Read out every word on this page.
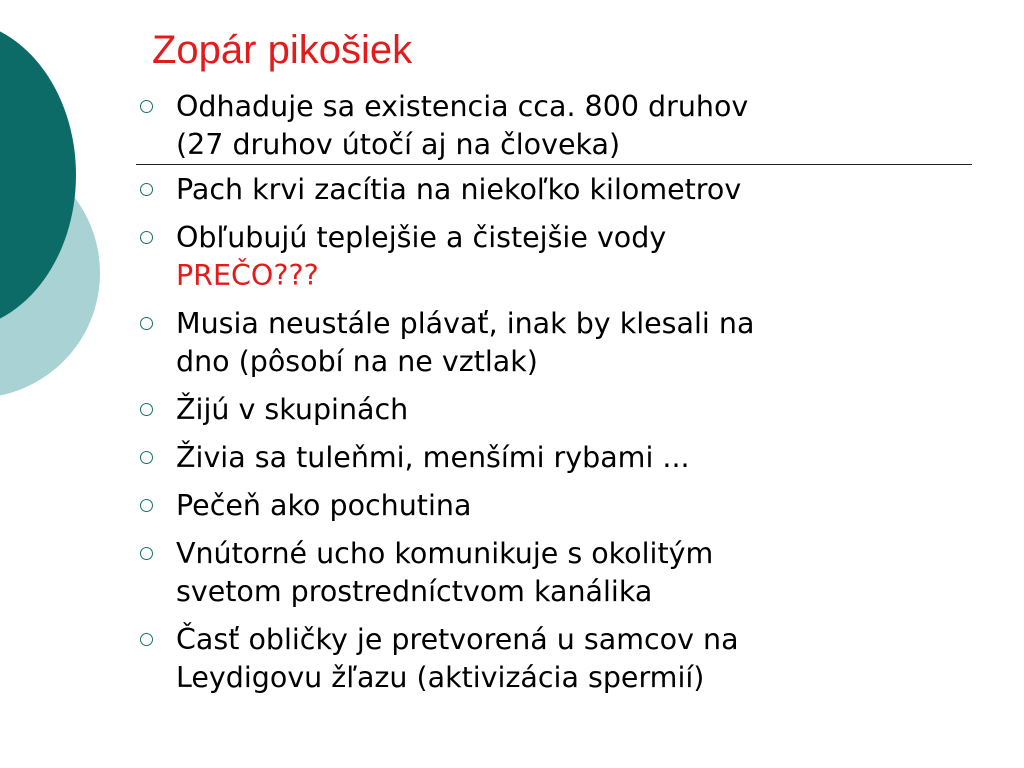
Zopár pikošiek
Odhaduje sa existencia cca. 800 druhov
(27 druhov útočí aj na človeka)
Pach krvi zacítia na niekoľko kilometrov
Obľubujú teplejšie a čistejšie vody
PREČO???
Musia neustále plávať, inak by klesali na
dno (pôsobí na ne vztlak)
Žijú v skupinách
Živia sa tuleňmi, menšími rybami ...
Pečeň ako pochutina
Vnútorné ucho komunikuje s okolitým
svetom prostredníctvom kanálika
Časť obličky je pretvorená u samcov na
Leydigovu žľazu (aktivizácia spermií)
